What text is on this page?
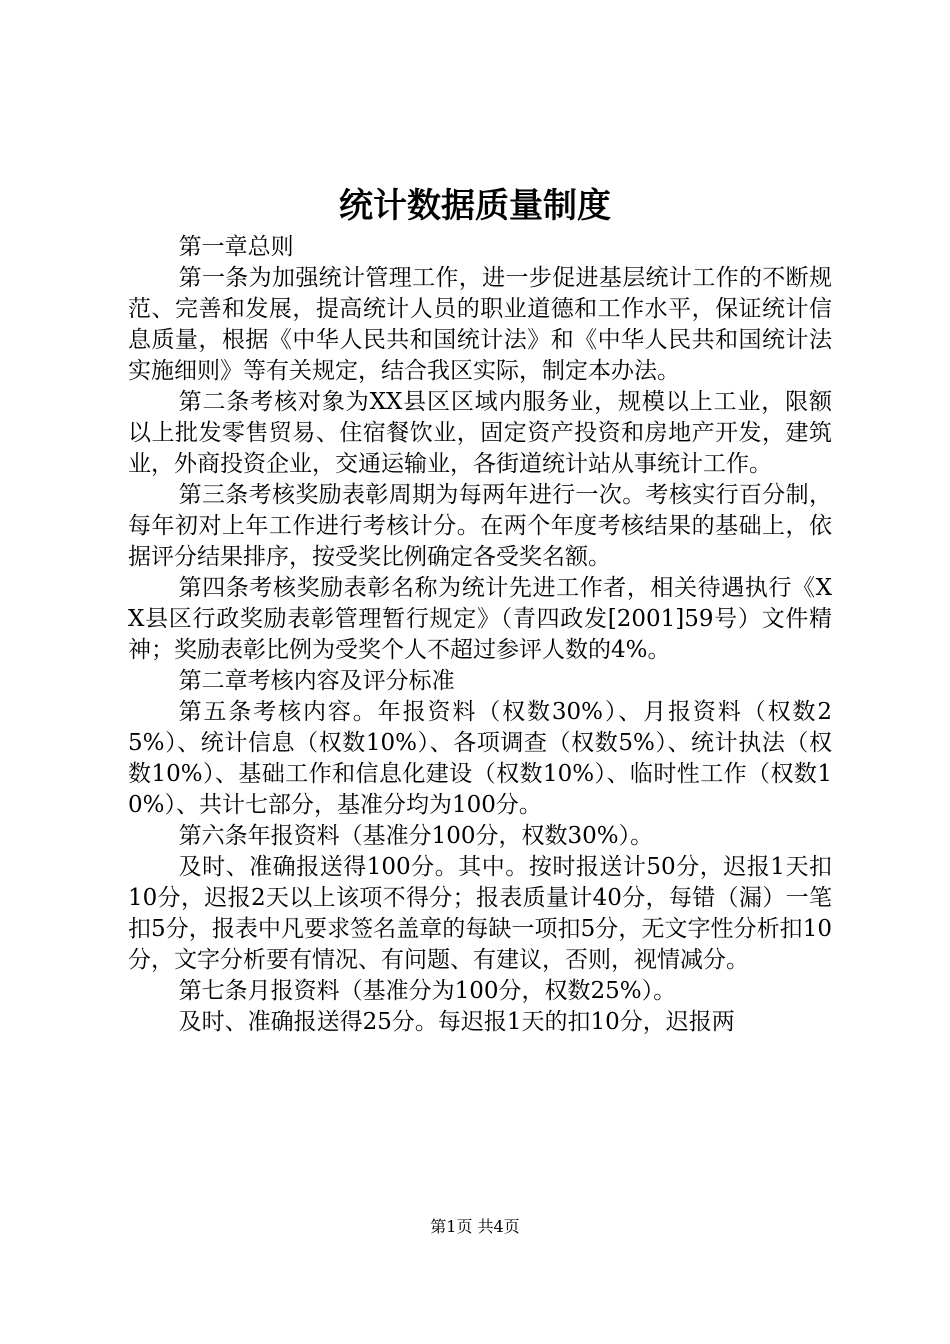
统计数据质量制度

第一章总则

第一条为加强统计管理工作，进一步促进基层统计工作的不断规范、完善和发展，提高统计人员的职业道德和工作水平，保证统计信息质量，根据《中华人民共和国统计法》和《中华人民共和国统计法实施细则》等有关规定，结合我区实际，制定本办法。

第二条考核对象为XX县区区域内服务业，规模以上工业，限额以上批发零售贸易、住宿餐饮业，固定资产投资和房地产开发，建筑业，外商投资企业，交通运输业，各街道统计站从事统计工作。

第三条考核奖励表彰周期为每两年进行一次。考核实行百分制，每年初对上年工作进行考核计分。在两个年度考核结果的基础上，依据评分结果排序，按受奖比例确定各受奖名额。

第四条考核奖励表彰名称为统计先进工作者，相关待遇执行《XX县区行政奖励表彰管理暂行规定》（青四政发[2001]59号）文件精神；奖励表彰比例为受奖个人不超过参评人数的4%。

第二章考核内容及评分标准

第五条考核内容。年报资料（权数30%）、月报资料（权数25%）、统计信息（权数10%）、各项调查（权数5%）、统计执法（权数10%）、基础工作和信息化建设（权数10%）、临时性工作（权数10%）、共计七部分，基准分均为100分。

第六条年报资料（基准分100分，权数30%）。

及时、准确报送得100分。其中。按时报送计50分，迟报1天扣10分，迟报2天以上该项不得分；报表质量计40分，每错（漏）一笔扣5分，报表中凡要求签名盖章的每缺一项扣5分，无文字性分析扣10分，文字分析要有情况、有问题、有建议，否则，视情减分。

第七条月报资料（基准分为100分，权数25%）。

及时、准确报送得25分。每迟报1天的扣10分，迟报两

第1页 共4页
